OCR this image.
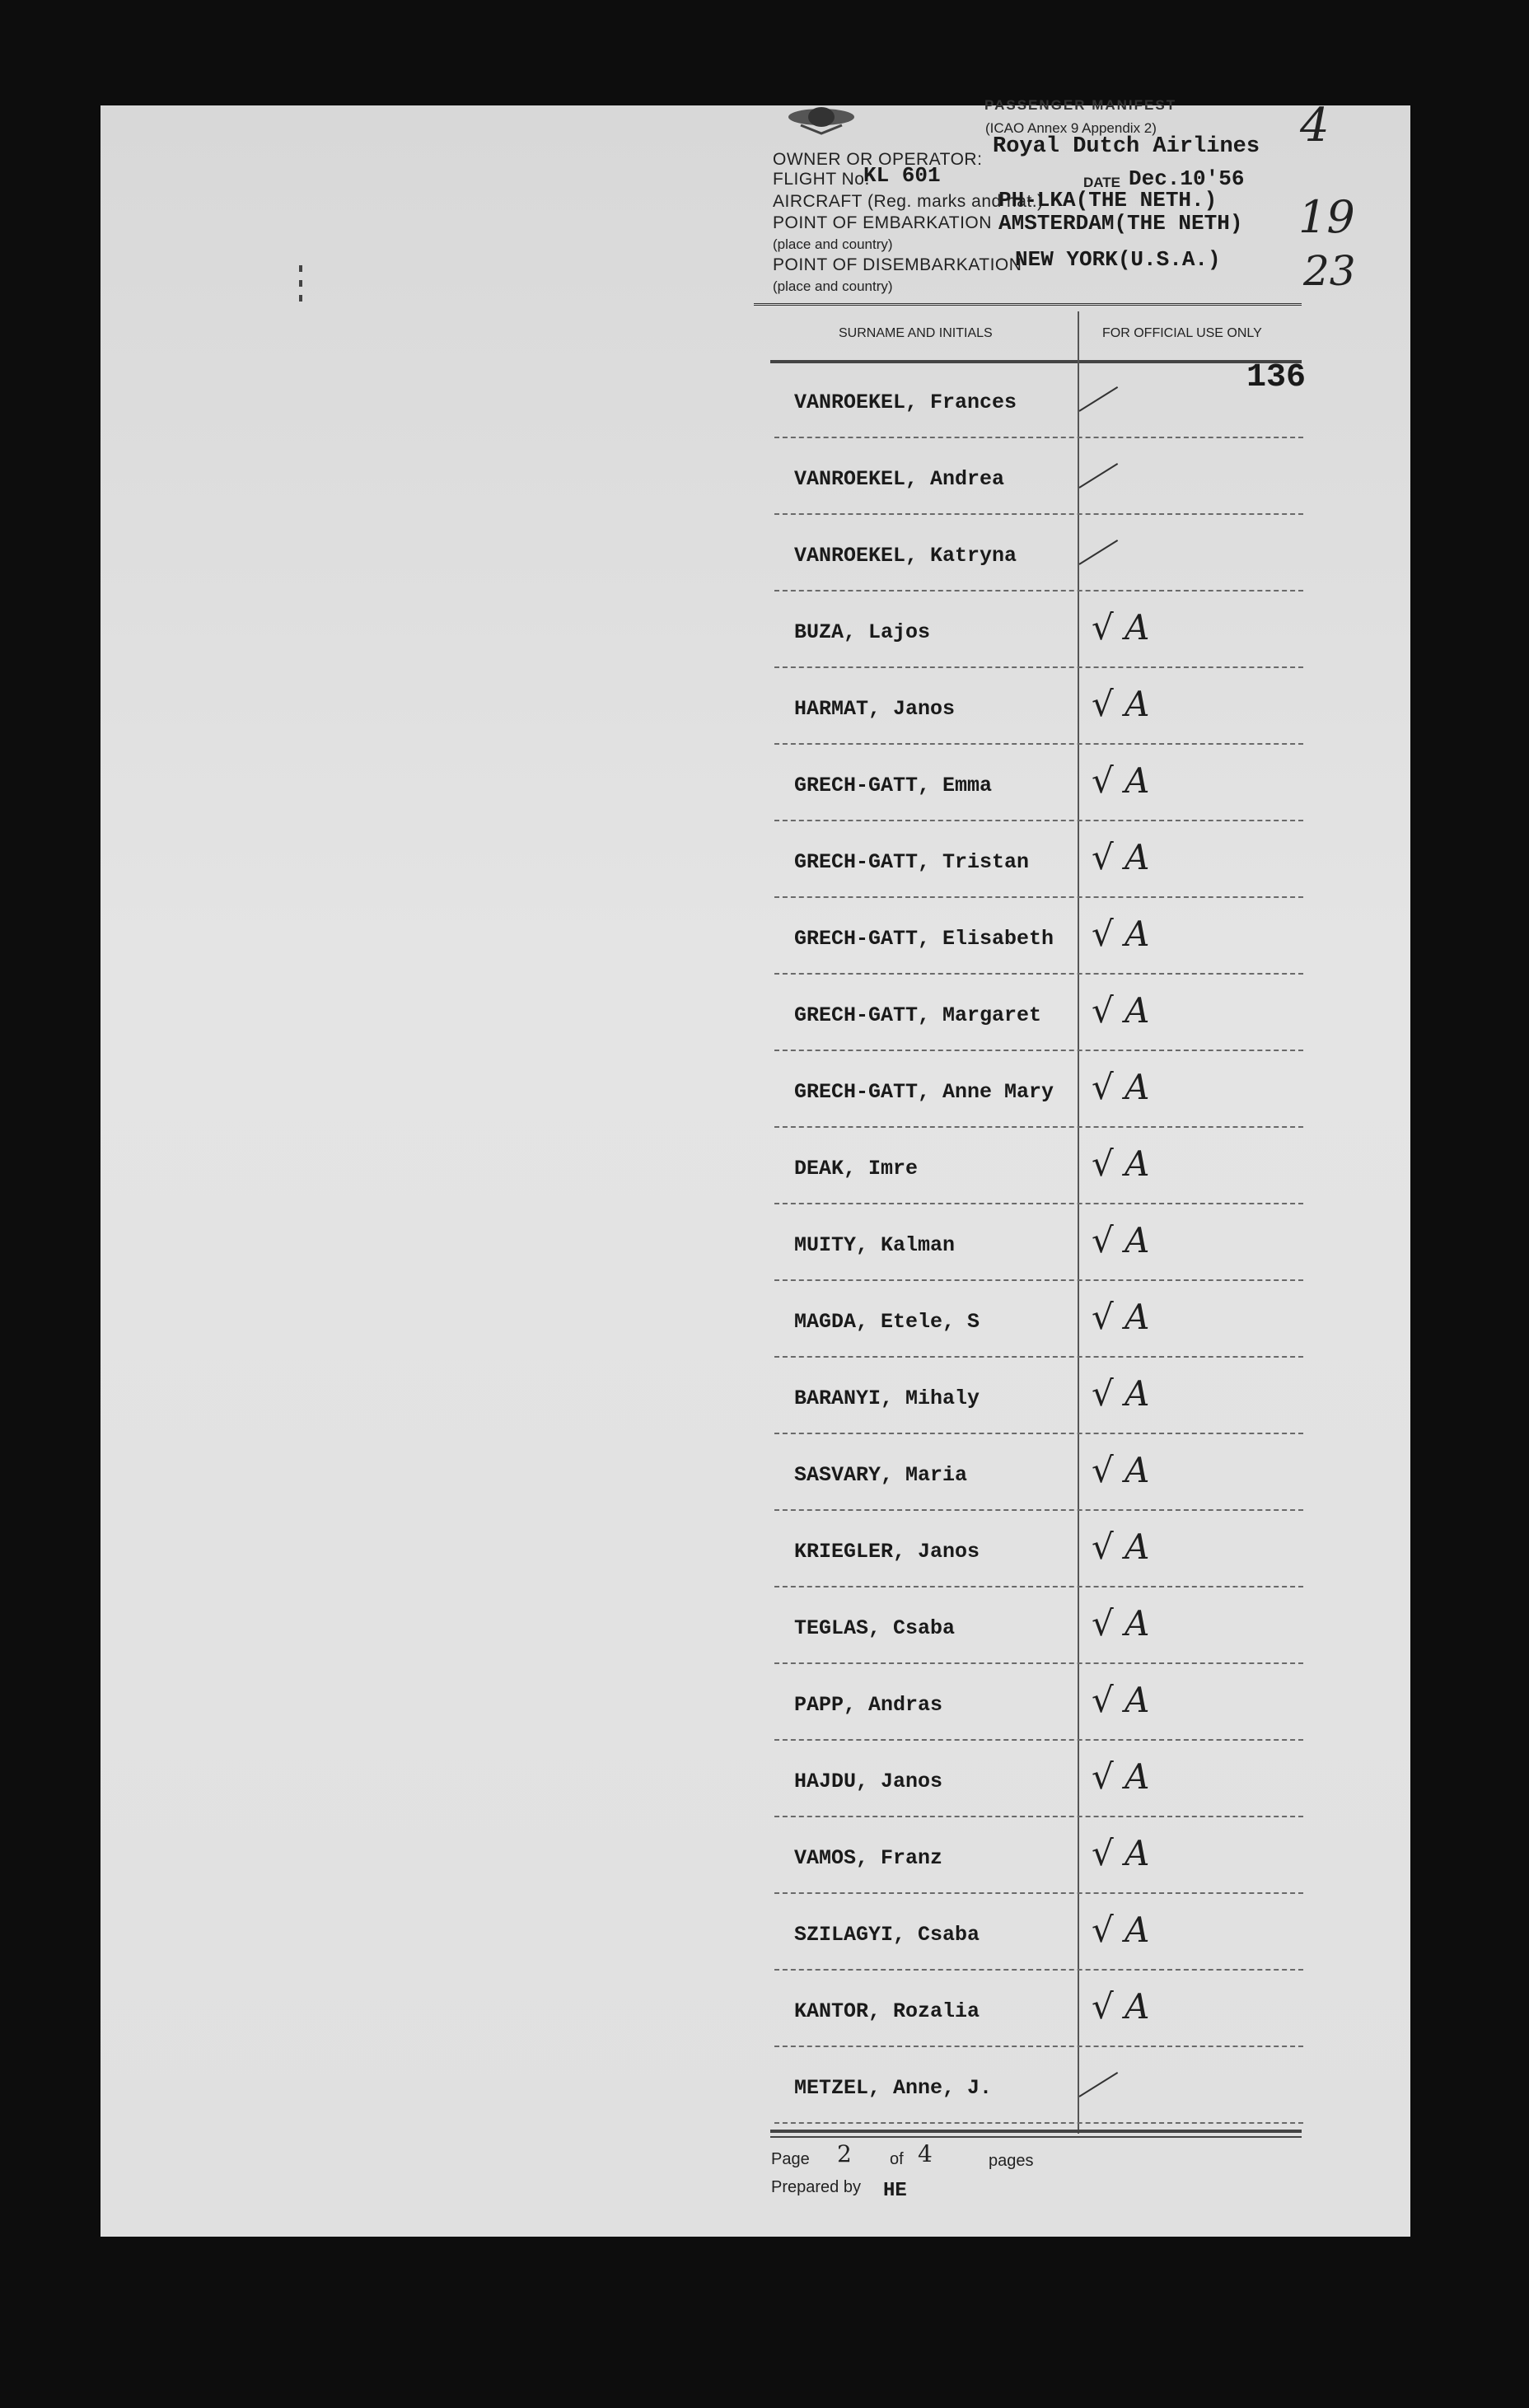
PASSENGER MANIFEST
(ICAO Annex 9 Appendix 2)
OWNER OR OPERATOR:
Royal Dutch Airlines
FLIGHT No.
KL 601	DATE Dec.10'56
AIRCRAFT (Reg. marks and nat.)
PH-LKA(THE NETH.)
POINT OF EMBARKATION AMSTERDAM(THE NETH)
(place and country)
POINT OF DISEMBARKATION
NEW YORK(U.S.A.)
(place and country)
4
19
23
SURNAME AND INITIALS	FOR OFFICIAL USE ONLY
136
VANROEKEL, Frances
VANROEKEL, Andrea
VANROEKEL, Katryna
BUZA, Lajos	√ A
HARMAT, Janos	√ A
GRECH-GATT, Emma	√ A
GRECH-GATT, Tristan √ A
GRECH-GATT, Elisabeth √ A
GRECH-GATT, Margaret √ A
GRECH-GATT, Anne Mary √ A
DEAK, Imre	√ A
MUITY, Kalman	√ A
MAGDA, Etele, S	√ A
BARANYI, Mihaly	√ A
SASVARY, Maria	√ A
KRIEGLER, Janos	√ A
TEGLAS, Csaba	√ A
PAPP, Andras	√ A
HAJDU, Janos	√ A
VAMOS, Franz	√ A
SZILAGYI, Csaba	√ A
KANTOR, Rozalia	√ A
METZEL, Anne, J.
Page 2 of 4	pages
Prepared by HE
